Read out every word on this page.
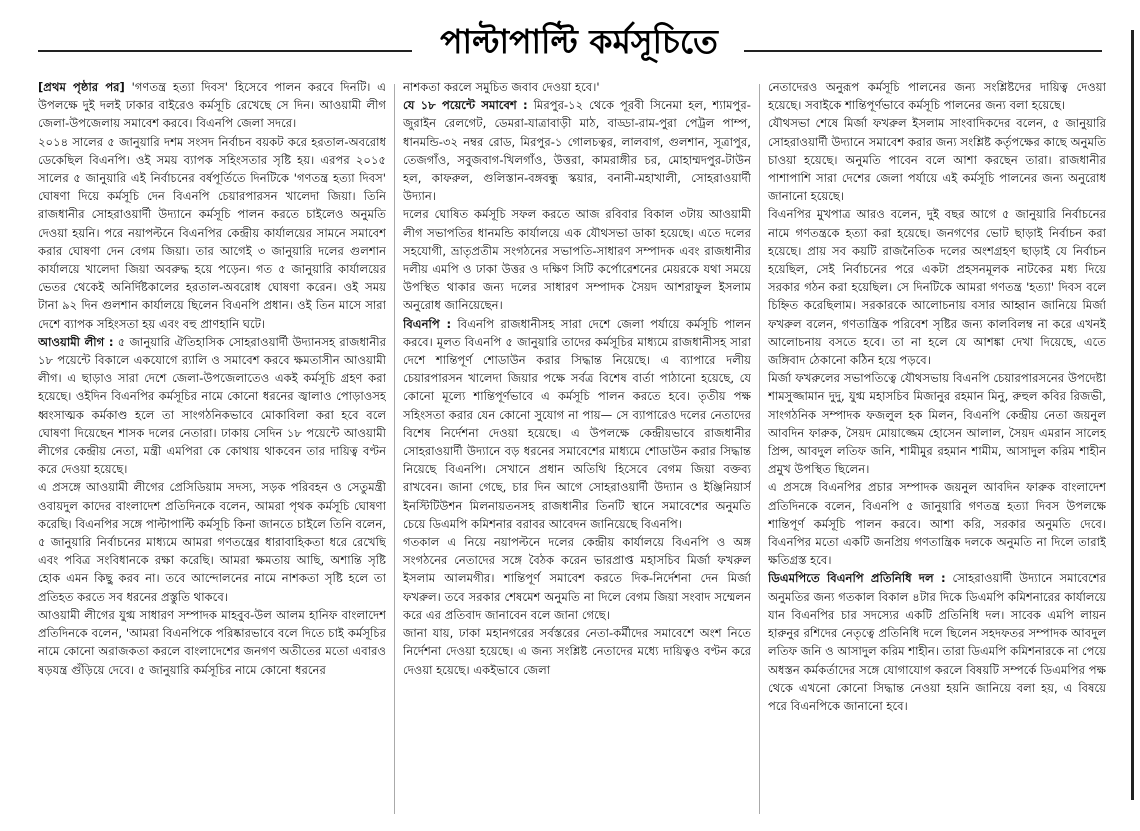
পাল্টাপাল্টি কর্মসূচিতে

[প্রথম পৃষ্ঠার পর] 'গণতন্ত্র হত্যা দিবস' হিসেবে পালন করবে দিনটি। এ উপলক্ষে দুই দলই ঢাকার বাইরেও কর্মসূচি রেখেছে সে দিন। আওয়ামী লীগ জেলা-উপজেলায় সমাবেশ করবে। বিএনপি জেলা সদরে।

২০১৪ সালের ৫ জানুয়ারি দশম সংসদ নির্বাচন বয়কট করে হরতাল-অবরোধ ডেকেছিল বিএনপি। ওই সময় ব্যাপক সহিংসতার সৃষ্টি হয়। এরপর ২০১৫ সালের ৫ জানুয়ারি এই নির্বাচনের বর্ষপূর্তিতে দিনটিকে 'গণতন্ত্র হত্যা দিবস' ঘোষণা দিয়ে কর্মসূচি দেন বিএনপি চেয়ারপারসন খালেদা জিয়া। তিনি রাজধানীর সোহরাওয়ার্দী উদ্যানে কর্মসূচি পালন করতে চাইলেও অনুমতি দেওয়া হয়নি। পরে নয়াপল্টনে বিএনপির কেন্দ্রীয় কার্যালয়ের সামনে সমাবেশ করার ঘোষণা দেন বেগম জিয়া। তার আগেই ৩ জানুয়ারি দলের গুলশান কার্যালয়ে খালেদা জিয়া অবরুদ্ধ হয়ে পড়েন। গত ৫ জানুয়ারি কার্যালয়ের ভেতর থেকেই অনির্দিষ্টকালের হরতাল-অবরোধ ঘোষণা করেন। ওই সময় টানা ৯২ দিন গুলশান কার্যালয়ে ছিলেন বিএনপি প্রধান। ওই তিন মাসে সারা দেশে ব্যাপক সহিংসতা হয় এবং বহু প্রাণহানি ঘটে।

আওয়ামী লীগ : ৫ জানুয়ারি ঐতিহাসিক সোহরাওয়ার্দী উদ্যানসহ রাজধানীর ১৮ পয়েন্টে বিকালে একযোগে র‌্যালি ও সমাবেশ করবে ক্ষমতাসীন আওয়ামী লীগ। এ ছাড়াও সারা দেশে জেলা-উপজেলাতেও একই কর্মসূচি গ্রহণ করা হয়েছে। ওইদিন বিএনপির কর্মসূচির নামে কোনো ধরনের জ্বালাও পোড়াওসহ ধ্বংসাত্মক কর্মকাণ্ড হলে তা সাংগঠনিকভাবে মোকাবিলা করা হবে বলে ঘোষণা দিয়েছেন শাসক দলের নেতারা। ঢাকায় সেদিন ১৮ পয়েন্টে আওয়ামী লীগের কেন্দ্রীয় নেতা, মন্ত্রী এমপিরা কে কোথায় থাকবেন তার দায়িত্ব বণ্টন করে দেওয়া হয়েছে।

এ প্রসঙ্গে আওয়ামী লীগের প্রেসিডিয়াম সদস্য, সড়ক পরিবহন ও সেতুমন্ত্রী ওবায়দুল কাদের বাংলাদেশ প্রতিদিনকে বলেন, আমরা পৃথক কর্মসূচি ঘোষণা করেছি। বিএনপির সঙ্গে পাল্টাপাল্টি কর্মসূচি কিনা জানতে চাইলে তিনি বলেন, ৫ জানুয়ারি নির্বাচনের মাধ্যমে আমরা গণতন্ত্রের ধারাবাহিকতা ধরে রেখেছি এবং পবিত্র সংবিধানকে রক্ষা করেছি। আমরা ক্ষমতায় আছি, অশান্তি সৃষ্টি হোক এমন কিছু করব না। তবে আন্দোলনের নামে নাশকতা সৃষ্টি হলে তা প্রতিহত করতে সব ধরনের প্রস্তুতি থাকবে।

আওয়ামী লীগের যুগ্ম সাধারণ সম্পাদক মাহবুব-উল আলম হানিফ বাংলাদেশ প্রতিদিনকে বলেন, 'আমরা বিএনপিকে পরিষ্কারভাবে বলে দিতে চাই কর্মসূচির নামে কোনো অরাজকতা করলে বাংলাদেশের জনগণ অতীতের মতো এবারও ষড়যন্ত্র গুঁড়িয়ে দেবে। ৫ জানুয়ারি কর্মসূচির নামে কোনো ধরনের

নাশকতা করলে সমুচিত জবাব দেওয়া হবে।'

যে ১৮ পয়েন্টে সমাবেশ : মিরপুর-১২ থেকে পূরবী সিনেমা হল, শ্যামপুর-জুরাইন রেলগেট, ডেমরা-যাত্রাবাড়ী মাঠ, বাড্ডা-রাম-পুরা পেট্রল পাম্প, ধানমন্ডি-৩২ নম্বর রোড, মিরপুর-১ গোলচত্বর, লালবাগ, গুলশান, সূত্রাপুর, তেজগাঁও, সবুজবাগ-খিলগাঁও, উত্তরা, কামরাঙ্গীর চর, মোহাম্মদপুর-টাউন হল, কাফরুল, গুলিস্তান-বঙ্গবন্ধু স্কয়ার, বনানী-মহাখালী, সোহরাওয়ার্দী উদ্যান।

দলের ঘোষিত কর্মসূচি সফল করতে আজ রবিবার বিকাল ৩টায় আওয়ামী লীগ সভাপতির ধানমন্ডি কার্যালয়ে এক যৌথসভা ডাকা হয়েছে। এতে দলের সহযোগী, ভ্রাতৃপ্রতীম সংগঠনের সভাপতি-সাধারণ সম্পাদক এবং রাজধানীর দলীয় এমপি ও ঢাকা উত্তর ও দক্ষিণ সিটি কর্পোরেশনের মেয়রকে যথা সময়ে উপস্থিত থাকার জন্য দলের সাধারণ সম্পাদক সৈয়দ আশরাফুল ইসলাম অনুরোধ জানিয়েছেন।

বিএনপি : বিএনপি রাজধানীসহ সারা দেশে জেলা পর্যায়ে কর্মসূচি পালন করবে। মূলত বিএনপি ৫ জানুয়ারি তাদের কর্মসূচির মাধ্যমে রাজধানীসহ সারা দেশে শান্তিপূর্ণ শোডাউন করার সিদ্ধান্ত নিয়েছে। এ ব্যাপারে দলীয় চেয়ারপারসন খালেদা জিয়ার পক্ষে সর্বত্র বিশেষ বার্তা পাঠানো হয়েছে, যে কোনো মূল্যে শান্তিপূর্ণভাবে এ কর্মসূচি পালন করতে হবে। তৃতীয় পক্ষ সহিংসতা করার যেন কোনো সুযোগ না পায়— সে ব্যাপারেও দলের নেতাদের বিশেষ নির্দেশনা দেওয়া হয়েছে। এ উপলক্ষে কেন্দ্রীয়ভাবে রাজধানীর সোহরাওয়ার্দী উদ্যানে বড় ধরনের সমাবেশের মাধ্যমে শোডাউন করার সিদ্ধান্ত নিয়েছে বিএনপি। সেখানে প্রধান অতিথি হিসেবে বেগম জিয়া বক্তব্য রাখবেন। জানা গেছে, চার দিন আগে সোহরাওয়ার্দী উদ্যান ও ইঞ্জিনিয়ার্স ইনস্টিটিউশন মিলনায়তনসহ রাজধানীর তিনটি স্থানে সমাবেশের অনুমতি চেয়ে ডিএমপি কমিশনার বরাবর আবেদন জানিয়েছে বিএনপি।

গতকাল এ নিয়ে নয়াপল্টনে দলের কেন্দ্রীয় কার্যালয়ে বিএনপি ও অঙ্গ সংগঠনের নেতাদের সঙ্গে বৈঠক করেন ভারপ্রাপ্ত মহাসচিব মির্জা ফখরুল ইসলাম আলমগীর। শান্তিপূর্ণ সমাবেশ করতে দিক-নির্দেশনা দেন মির্জা ফখরুল। তবে সরকার শেষমেশ অনুমতি না দিলে বেগম জিয়া সংবাদ সম্মেলন করে এর প্রতিবাদ জানাবেন বলে জানা গেছে।

জানা যায়, ঢাকা মহানগরের সর্বস্তরের নেতা-কর্মীদের সমাবেশে অংশ নিতে নির্দেশনা দেওয়া হয়েছে। এ জন্য সংশ্লিষ্ট নেতাদের মধ্যে দায়িত্বও বণ্টন করে দেওয়া হয়েছে। একইভাবে জেলা

নেতাদেরও অনুরূপ কর্মসূচি পালনের জন্য সংশ্লিষ্টদের দায়িত্ব দেওয়া হয়েছে। সবাইকে শান্তিপূর্ণভাবে কর্মসূচি পালনের জন্য বলা হয়েছে।

যৌথসভা শেষে মির্জা ফখরুল ইসলাম সাংবাদিকদের বলেন, ৫ জানুয়ারি সোহরাওয়ার্দী উদ্যানে সমাবেশ করার জন্য সংশ্লিষ্ট কর্তৃপক্ষের কাছে অনুমতি চাওয়া হয়েছে। অনুমতি পাবেন বলে আশা করছেন তারা। রাজধানীর পাশাপাশি সারা দেশের জেলা পর্যায়ে এই কর্মসূচি পালনের জন্য অনুরোধ জানানো হয়েছে।

বিএনপির মুখপাত্র আরও বলেন, দুই বছর আগে ৫ জানুয়ারি নির্বাচনের নামে গণতন্ত্রকে হত্যা করা হয়েছে। জনগণের ভোট ছাড়াই নির্বাচন করা হয়েছে। প্রায় সব কয়টি রাজনৈতিক দলের অংশগ্রহণ ছাড়াই যে নির্বাচন হয়েছিল, সেই নির্বাচনের পরে একটা প্রহসনমূলক নাটকের মধ্য দিয়ে সরকার গঠন করা হয়েছিল। সে দিনটিকে আমরা গণতন্ত্র 'হত্যা' দিবস বলে চিহ্নিত করেছিলাম। সরকারকে আলোচনায় বসার আহ্বান জানিয়ে মির্জা ফখরুল বলেন, গণতান্ত্রিক পরিবেশ সৃষ্টির জন্য কালবিলম্ব না করে এখনই আলোচনায় বসতে হবে। তা না হলে যে আশঙ্কা দেখা দিয়েছে, এতে জঙ্গিবাদ ঠেকানো কঠিন হয়ে পড়বে।

মির্জা ফখরুলের সভাপতিত্বে যৌথসভায় বিএনপি চেয়ারপারসনের উপদেষ্টা শামসুজ্জামান দুদু, যুগ্ম মহাসচিব মিজানুর রহমান মিনু, রুহুল কবির রিজভী, সাংগঠনিক সম্পাদক ফজলুল হক মিলন, বিএনপি কেন্দ্রীয় নেতা জয়নুল আবদিন ফারুক, সৈয়দ মোয়াজ্জেম হোসেন আলাল, সৈয়দ এমরান সালেহ প্রিন্স, আবদুল লতিফ জনি, শামীমুর রহমান শামীম, আসাদুল করিম শাহীন প্রমুখ উপস্থিত ছিলেন।

এ প্রসঙ্গে বিএনপির প্রচার সম্পাদক জয়নুল আবদিন ফারুক বাংলাদেশ প্রতিদিনকে বলেন, বিএনপি ৫ জানুয়ারি গণতন্ত্র হত্যা দিবস উপলক্ষে শান্তিপূর্ণ কর্মসূচি পালন করবে। আশা করি, সরকার অনুমতি দেবে। বিএনপির মতো একটি জনপ্রিয় গণতান্ত্রিক দলকে অনুমতি না দিলে তারাই ক্ষতিগ্রস্ত হবে।

ডিএমপিতে বিএনপি প্রতিনিধি দল : সোহরাওয়ার্দী উদ্যানে সমাবেশের অনুমতির জন্য গতকাল বিকাল ৪টার দিকে ডিএমপি কমিশনারের কার্যালয়ে যান বিএনপির চার সদস্যের একটি প্রতিনিধি দল। সাবেক এমপি লায়ন হারুনুর রশিদের নেতৃত্বে প্রতিনিধি দলে ছিলেন সহদফতর সম্পাদক আবদুল লতিফ জনি ও আসাদুল করিম শাহীন। তারা ডিএমপি কমিশনারকে না পেয়ে অধস্তন কর্মকর্তাদের সঙ্গে যোগাযোগ করলে বিষয়টি সম্পর্কে ডিএমপির পক্ষ থেকে এখনো কোনো সিদ্ধান্ত নেওয়া হয়নি জানিয়ে বলা হয়, এ বিষয়ে পরে বিএনপিকে জানানো হবে।
